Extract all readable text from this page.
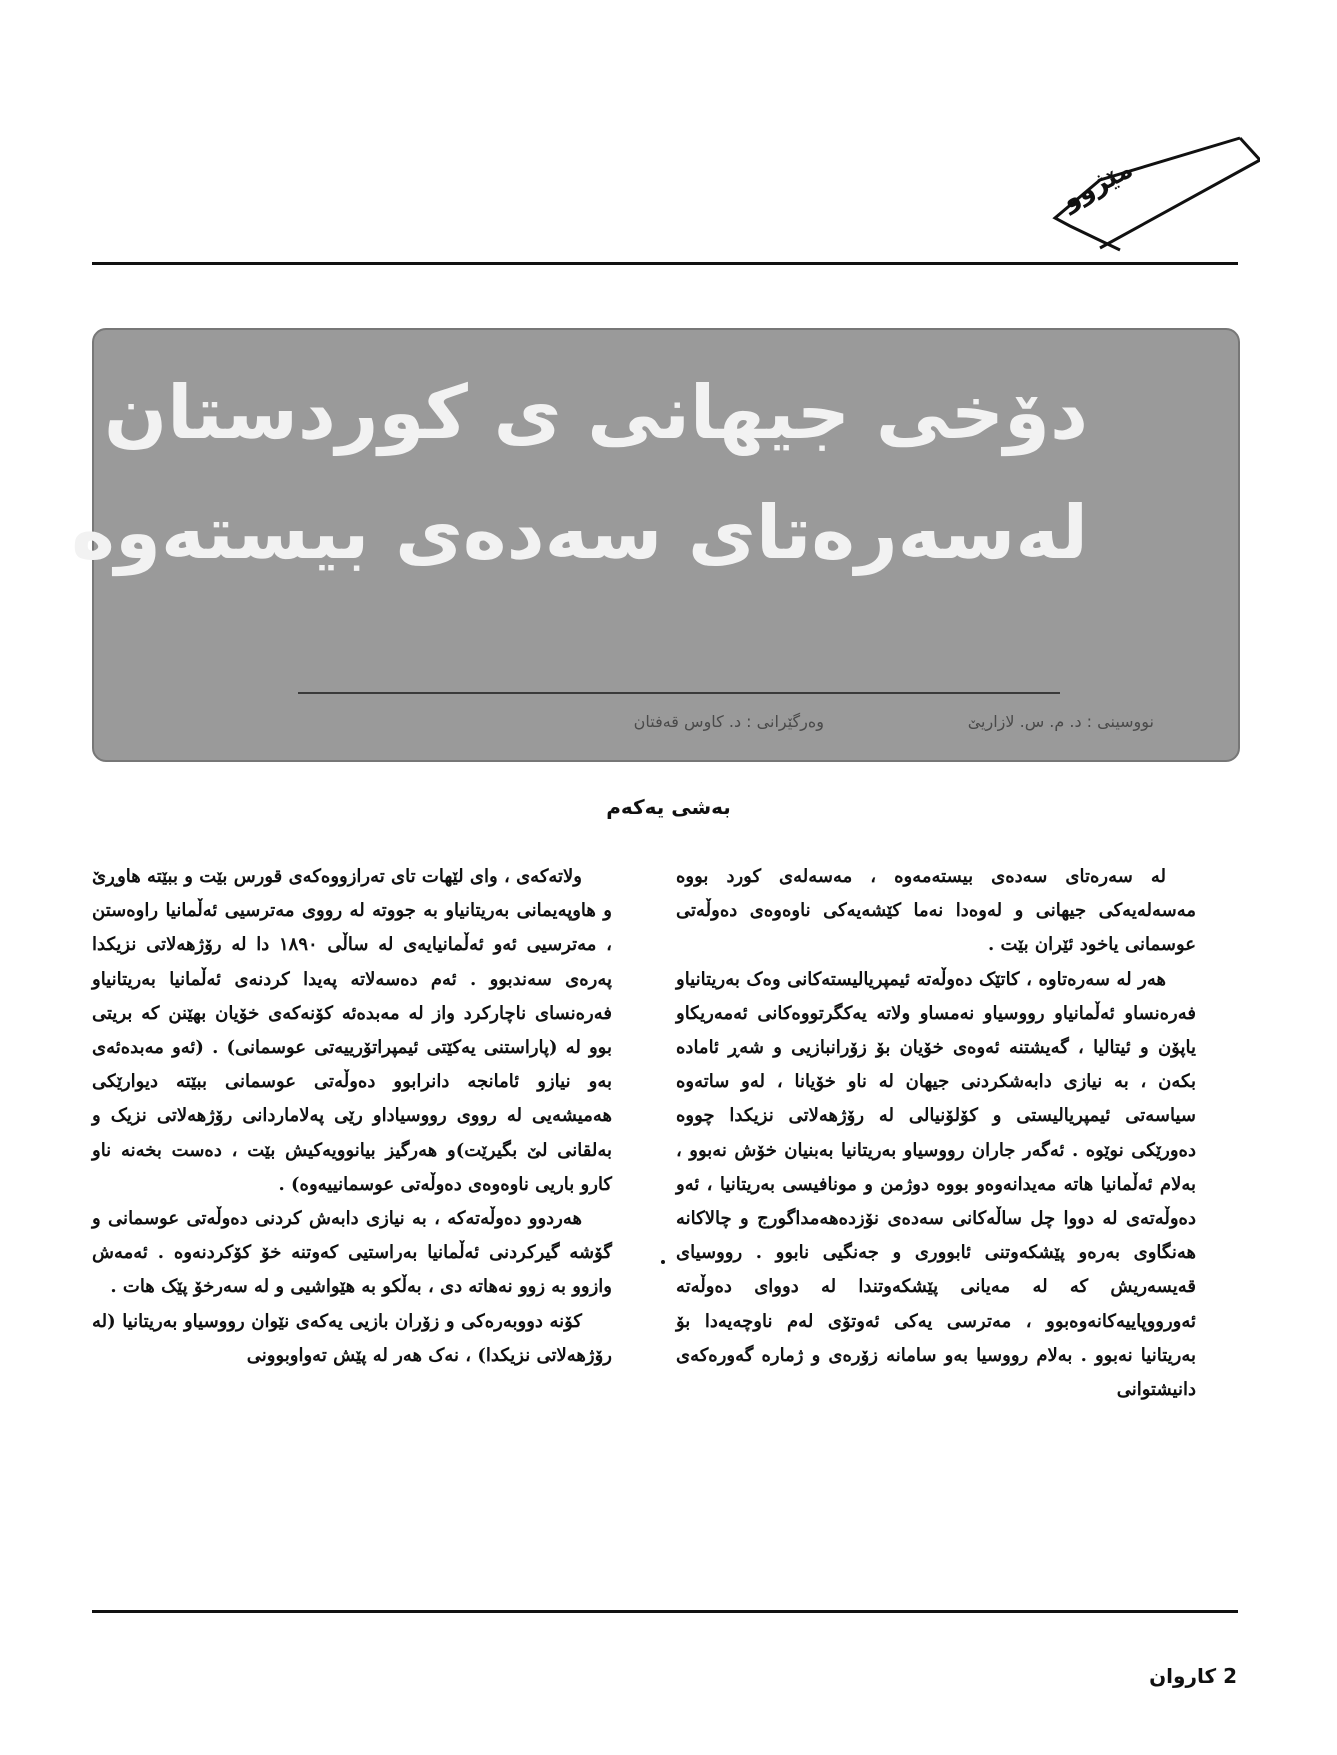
مێژوو
دۆخی جیهانی ی کوردستان
لەسەرەتای سەدەی بیستەوە
نووسینی : د. م. س. لازاریێ
وەرگێرانی : د. کاوس قەفتان
بەشی یەکەم

لە سەرەتای سەدەی بیستەمەوە ، مەسەلەی کورد بووە مەسەلەیەکی جیهانی و لەوەدا نەما کێشەیەکی ناوەوەی دەوڵەتی عوسمانی یاخود ئێران بێت .

هەر لە سەرەتاوە ، کاتێک دەوڵەتە ئیمپریالیستەکانی وەک بەریتانیاو فەرەنساو ئەڵمانیاو رووسیاو نەمساو ولاتە یەکگرتووەکانی ئەمەریکاو یاپۆن و ئیتالیا ، گەیشتنە ئەوەی خۆیان بۆ زۆرانبازیی و شەڕ ئامادە بکەن ، بە نیازی دابەشکردنی جیهان لە ناو خۆیانا ، لەو ساتەوە سیاسەتی ئیمپریالیستی و کۆلۆنیالی لە رۆژهەلاتی نزیکدا چووە دەورێکی نوێوە . ئەگەر جاران رووسیاو بەریتانیا بەبنیان خۆش نەبوو ، بەلام ئەڵمانیا هاتە مەیدانەوەو بووە دوژمن و مونافیسی بەریتانیا ، ئەو دەوڵەتەی لە دووا چل ساڵەکانی سەدەی نۆزدەهەمداگورج و چالاکانە هەنگاوی بەرەو پێشکەوتنی ئابووری و جەنگیی نابوو . رووسیای قەیسەریش کە لە مەیانی پێشکەوتندا لە دووای دەوڵەتە ئەورووپاییەکانەوەبوو ، مەترسی یەکی ئەوتۆی لەم ناوچەیەدا بۆ بەریتانیا نەبوو . بەلام رووسیا بەو سامانە زۆرەی و ژمارە گەورەکەی دانیشتوانی

ولاتەکەی ، وای لێهات تای تەرازووەکەی قورس بێت و ببێتە هاوڕێ و هاوپەیمانی بەریتانیاو بە جووتە لە رووی مەترسیی ئەڵمانیا راوەستن ، مەترسیی ئەو ئەڵمانیایەی لە ساڵی ١٨٩٠ دا لە رۆژهەلاتی نزیکدا پەرەی سەندبوو . ئەم دەسەلاتە پەیدا کردنەی ئەڵمانیا بەریتانیاو فەرەنسای ناچارکرد واز لە مەبدەئە کۆنەکەی خۆیان بهێنن کە بریتی بوو لە (پاراستنی یەکێتی ئیمپراتۆرییەتی عوسمانی) . (ئەو مەبدەئەی بەو نیازو ئامانجە دانرابوو دەوڵەتی عوسمانی ببێتە دیوارێکی هەمیشەیی لە رووی رووسیاداو رێی پەلاماردانی رۆژهەلاتی نزیک و بەلقانی لێ بگیرێت)و هەرگیز بیانوویەکیش بێت ، دەست بخەنە ناو کارو باریی ناوەوەی دەوڵەتی عوسمانییەوە) .

هەردوو دەوڵەتەکە ، بە نیازی دابەش کردنی دەوڵەتی عوسمانی و گۆشە گیرکردنی ئەڵمانیا بەراستیی کەوتنە خۆ کۆکردنەوە . ئەمەش وازوو بە زوو نەهاتە دی ، بەڵکو بە هێواشیی و لە سەرخۆ پێک هات .

کۆنە دووبەرەکی و زۆران بازیی یەکەی نێوان رووسیاو بەریتانیا (لە رۆژهەلاتی نزیکدا) ، نەک هەر لە پێش تەواوبوونی

2 کاروان
